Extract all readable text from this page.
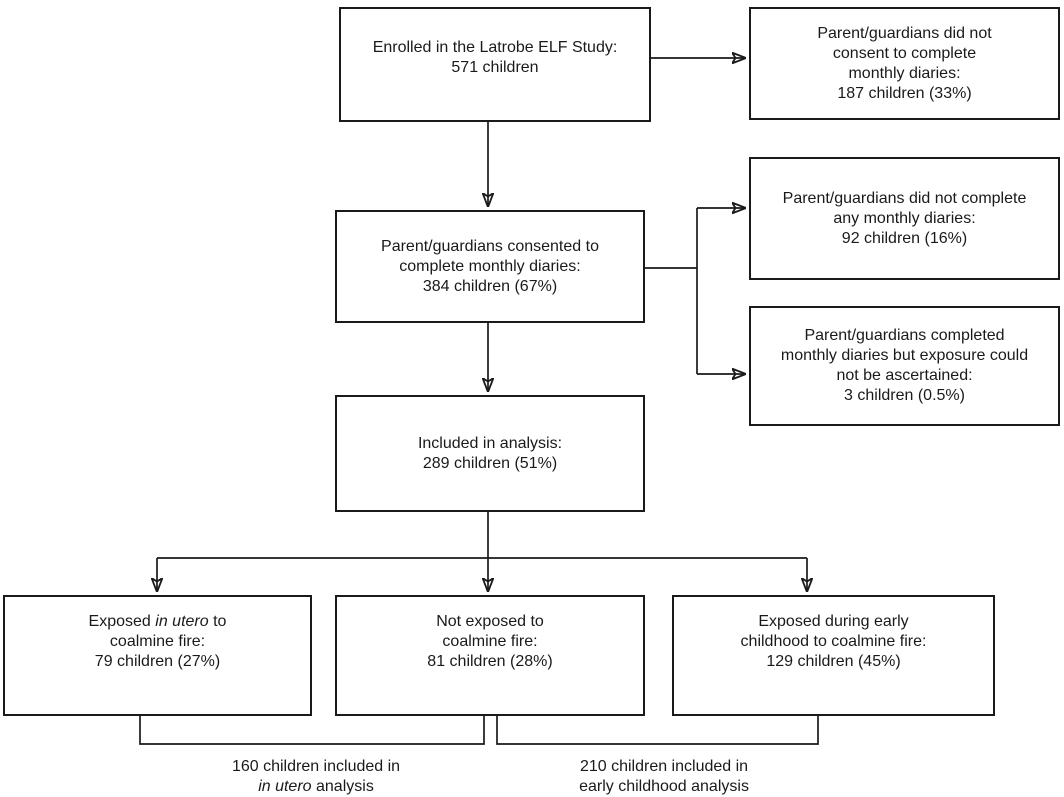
Enrolled in the Latrobe ELF Study:
571 children
Parent/guardians did not
consent to complete
monthly diaries:
187 children (33%)
Parent/guardians consented to
complete monthly diaries:
384 children (67%)
Parent/guardians did not complete
any monthly diaries:
92 children (16%)
Parent/guardians completed
monthly diaries but exposure could
not be ascertained:
3 children (0.5%)
Included in analysis:
289 children (51%)
Exposed in utero to
coalmine fire:
79 children (27%)
Not exposed to
coalmine fire:
81 children (28%)
Exposed during early
childhood to coalmine fire:
129 children (45%)
160 children included in
in utero analysis
210 children included in
early childhood analysis
